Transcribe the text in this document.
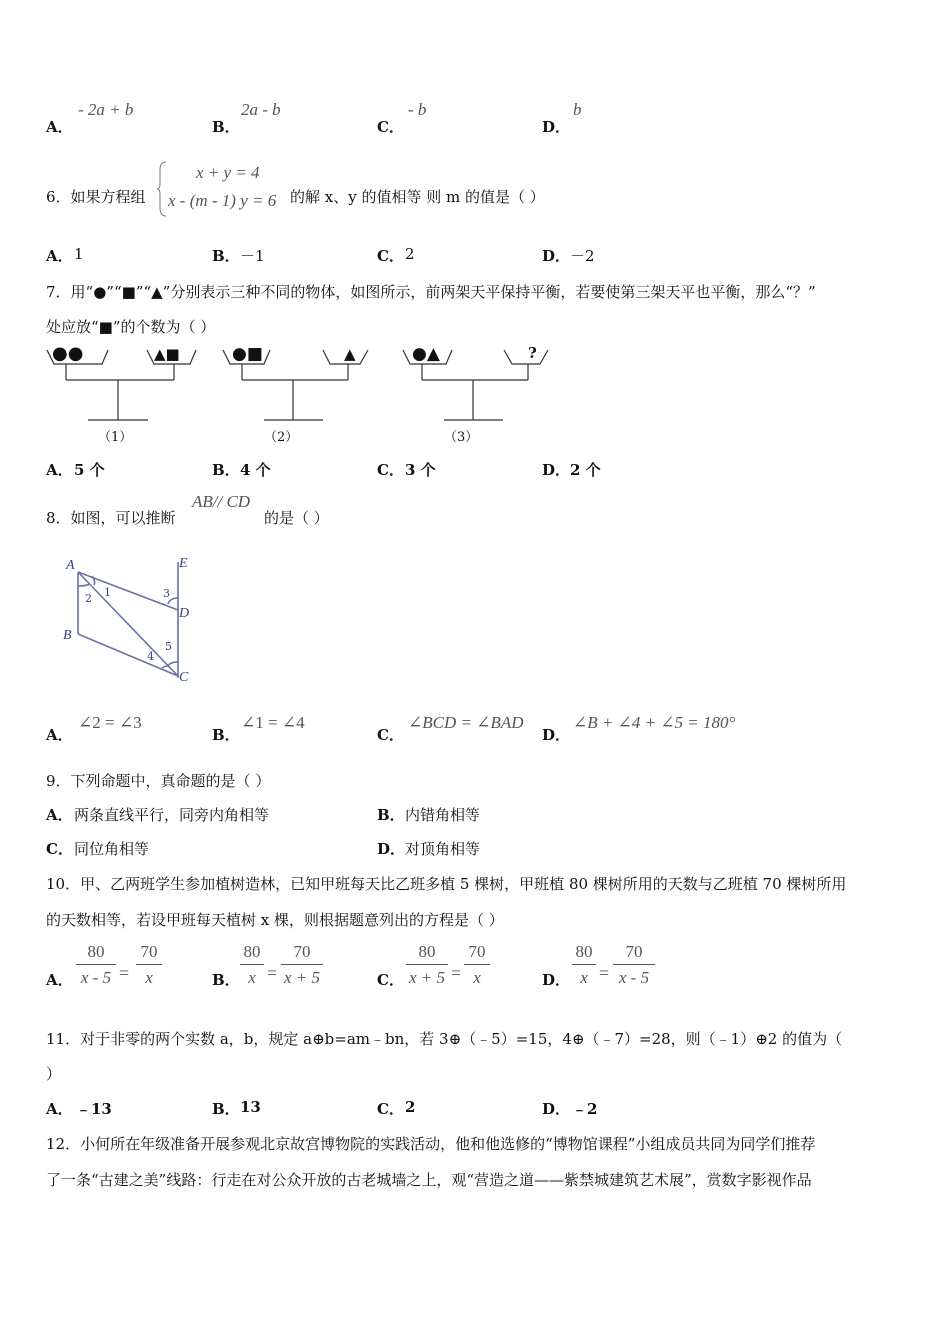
A．
- 2a + b
B．
2a - b
C．
- b
D．
b
6．如果方程组
x + y = 4
x - (m - 1) y = 6 的解 x、y 的值相等 则 m 的值是（ ）
A． 1	B． －1	C． 2	D． －2
7．用“●”“■”“▲”分别表示三种不同的物体，如图所示，前两架天平保持平衡，若要使第三架天平也平衡，那么“？”
处应放“■”的个数为（ ）
●●	▲■
（1）
●■	▲
（2）
●▲	?
（3）
A． 5 个	B． 4 个	C． 3 个	D． 2 个
8．如图，可以推断
AB// CD
的是（ ）
A
B
C
D
E
1
2	3
4
5
A．
∠2 = ∠3
B．
∠1 = ∠4
C．
∠BCD = ∠BAD
D．
∠B + ∠4 + ∠5 = 180°
9．下列命题中，真命题的是（ ）
A． 两条直线平行，同旁内角相等	B． 内错角相等
C． 同位角相等	D． 对顶角相等
10．甲、乙两班学生参加植树造林，已知甲班每天比乙班多植 5 棵树，甲班植 80 棵树所用的天数与乙班植 70 棵树所用
的天数相等，若设甲班每天植树 x 棵，则根据题意列出的方程是（ ）
A． $\frac{80}{x - 5} = \frac{70}{x}$	B． $\frac{80}{x} = \frac{70}{x + 5}$	C． $\frac{80}{x + 5} = \frac{70}{x}$	D． $\frac{80}{x} = \frac{70}{x - 5}$
11．对于非零的两个实数 a，b，规定 a⊕b=am﹣bn，若 3⊕（﹣5）=15，4⊕（﹣7）=28，则（﹣1）⊕2 的值为（
）
A． ﹣13	B． 13	C． 2	D． ﹣2
12．小何所在年级准备开展参观北京故宫博物院的实践活动，他和他选修的“博物馆课程”小组成员共同为同学们推荐
了一条“古建之美”线路：行走在对公众开放的古老城墙之上，观“营造之道——紫禁城建筑艺术展”，赏数字影视作品
